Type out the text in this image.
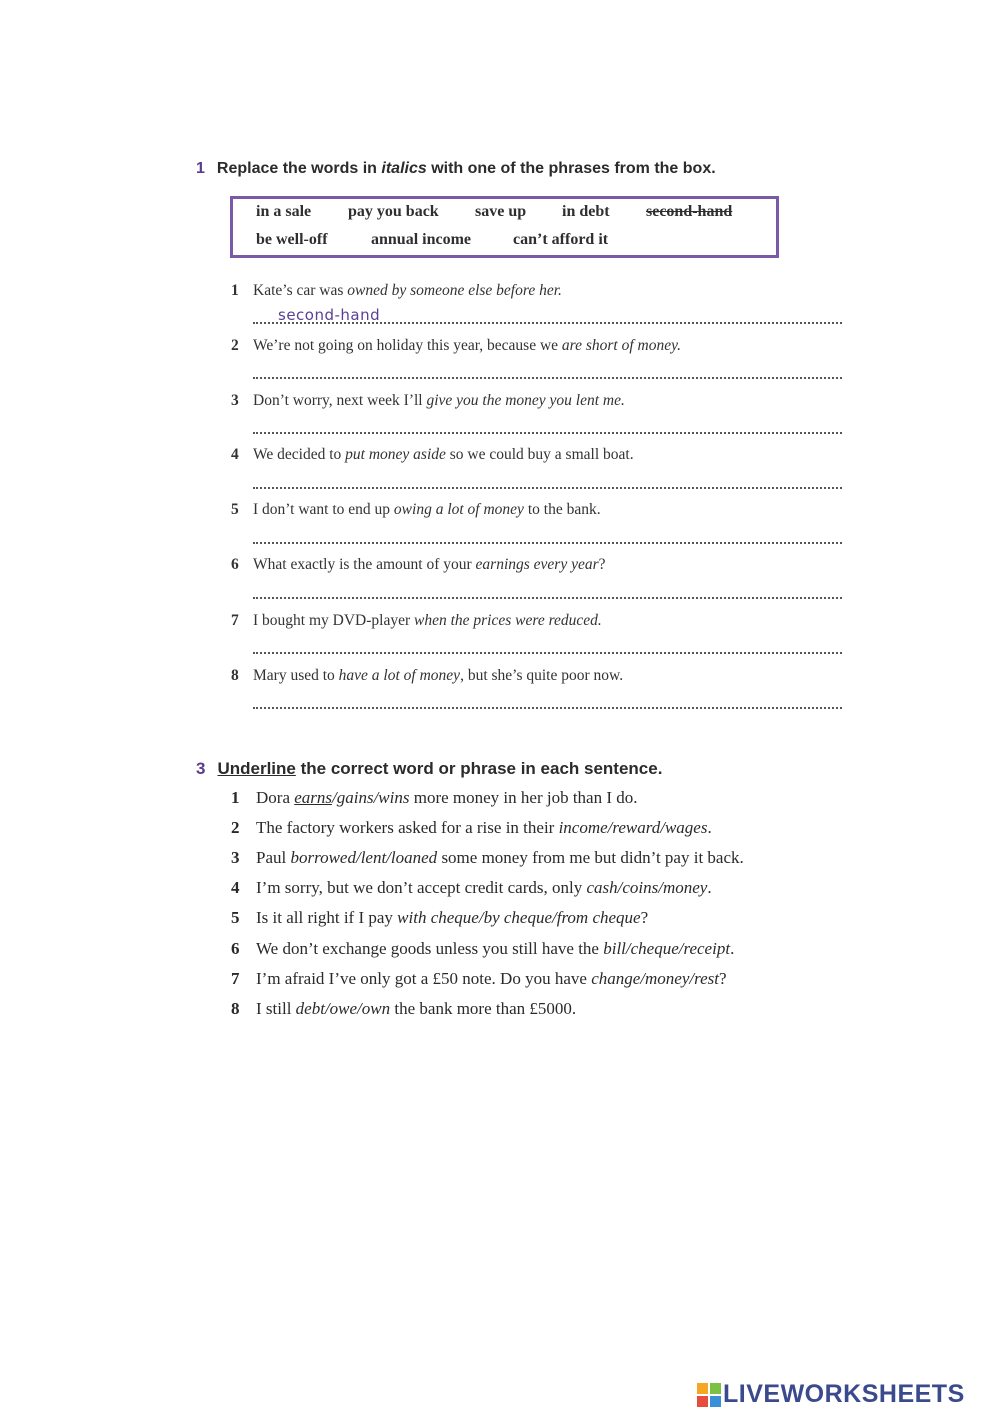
1 Replace the words in italics with one of the phrases from the box.
in a sale pay you back save up in debt second-hand
be well-off	annual income	can’t afford it
1 Kate’s car was owned by someone else before her.
second-hand
2 We’re not going on holiday this year, because we are short of money.
3 Don’t worry, next week I’ll give you the money you lent me.
4 We decided to put money aside so we could buy a small boat.
5 I don’t want to end up owing a lot of money to the bank.
6 What exactly is the amount of your earnings every year?
7 I bought my DVD-player when the prices were reduced.
8 Mary used to have a lot of money, but she’s quite poor now.
3 Underline the correct word or phrase in each sentence.
1 Dora earns/gains/wins more money in her job than I do.
2 The factory workers asked for a rise in their income/reward/wages.
3 Paul borrowed/lent/loaned some money from me but didn’t pay it back.
4 I’m sorry, but we don’t accept credit cards, only cash/coins/money.
5 Is it all right if I pay with cheque/by cheque/from cheque?
6 We don’t exchange goods unless you still have the bill/cheque/receipt.
7 I’m afraid I’ve only got a £50 note. Do you have change/money/rest?
8 I still debt/owe/own the bank more than £5000.
LIVEWORKSHEETS
